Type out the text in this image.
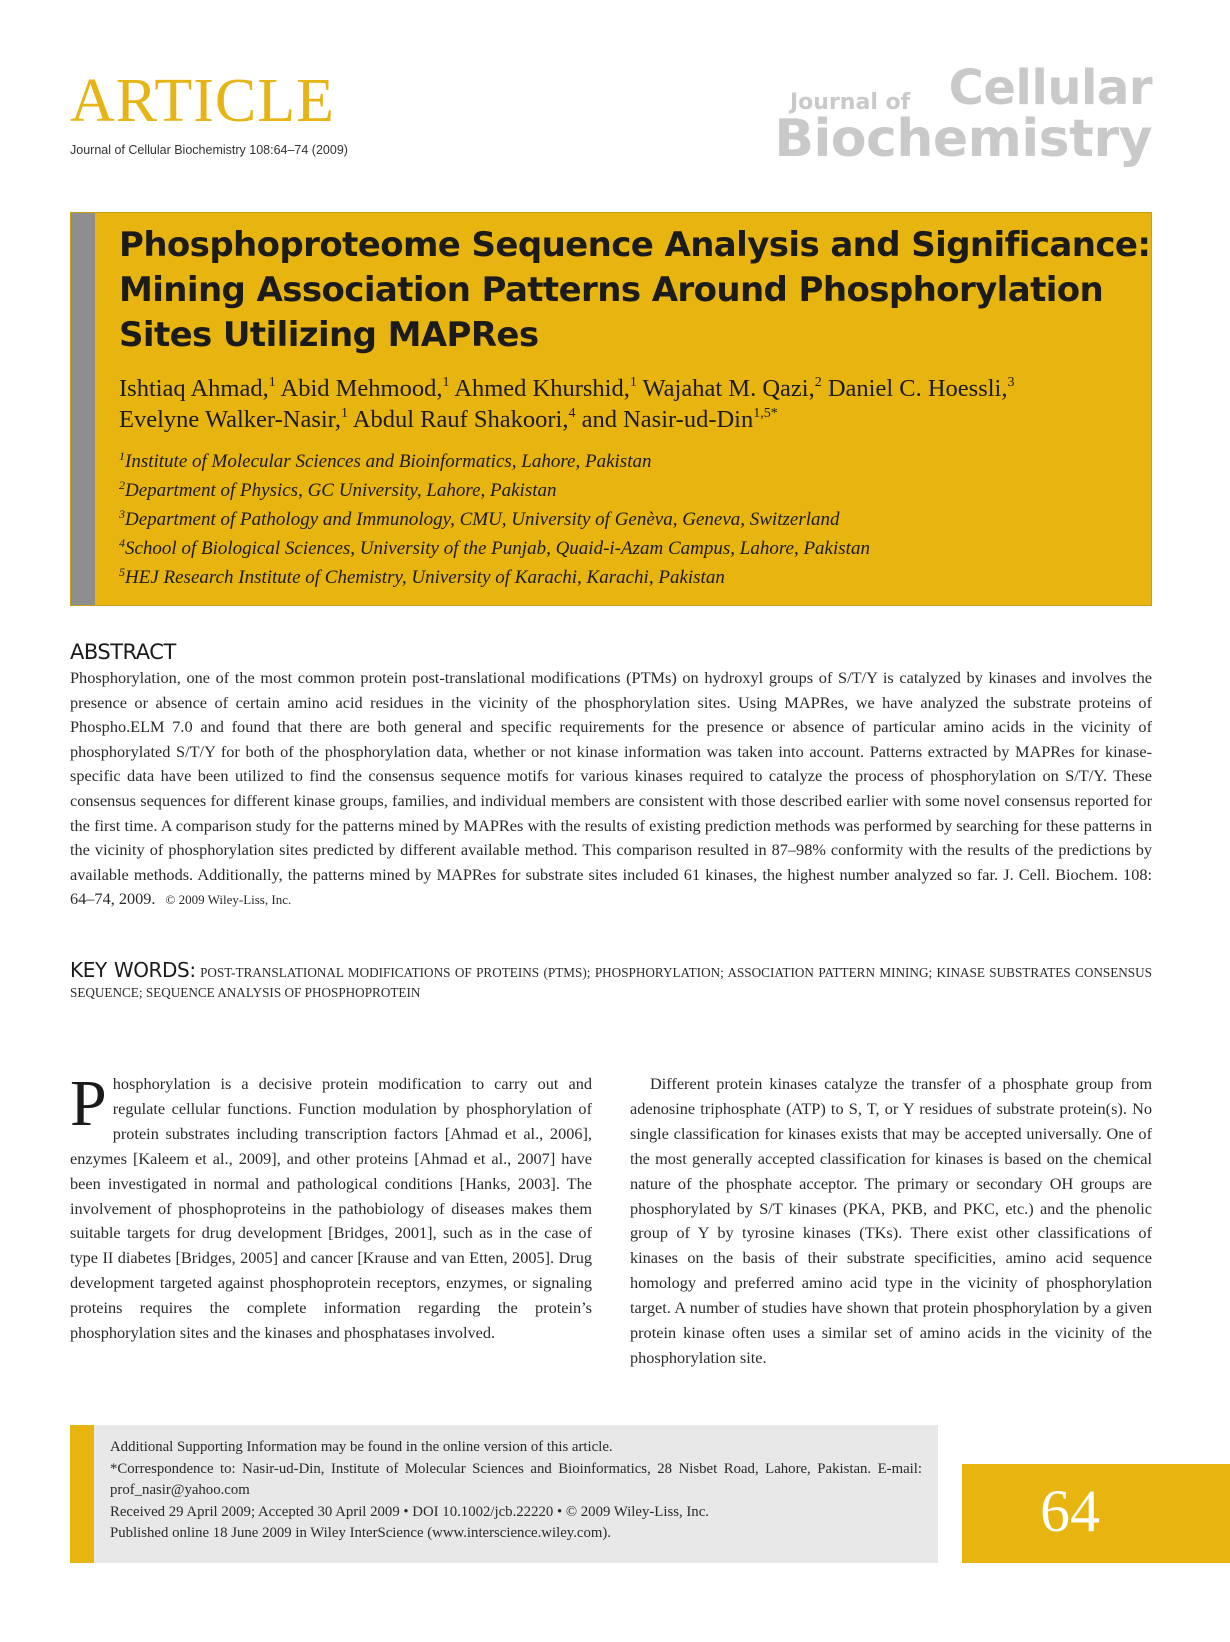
ARTICLE
Journal of Cellular Biochemistry 108:64–74 (2009)
Journal of Cellular
Biochemistry
Phosphoproteome Sequence Analysis and Significance:
Mining Association Patterns Around Phosphorylation
Sites Utilizing MAPRes
Ishtiaq Ahmad,$^1$ Abid Mehmood,$^1$ Ahmed Khurshid,$^1$ Wajahat M. Qazi,$^2$ Daniel C. Hoessli,$^3$
Evelyne Walker-Nasir,$^1$ Abdul Rauf Shakoori,$^4$ and Nasir-ud-Din$^{1,5*}$
$^1$Institute of Molecular Sciences and Bioinformatics, Lahore, Pakistan
$^2$Department of Physics, GC University, Lahore, Pakistan
$^3$Department of Pathology and Immunology, CMU, University of Genèva, Geneva, Switzerland
$^4$School of Biological Sciences, University of the Punjab, Quaid-i-Azam Campus, Lahore, Pakistan
$^5$HEJ Research Institute of Chemistry, University of Karachi, Karachi, Pakistan
ABSTRACT

Phosphorylation, one of the most common protein post-translational modifications (PTMs) on hydroxyl groups of S/T/Y is catalyzed by kinases and involves the presence or absence of certain amino acid residues in the vicinity of the phosphorylation sites. Using MAPRes, we have analyzed the substrate proteins of Phospho.ELM 7.0 and found that there are both general and specific requirements for the presence or absence of particular amino acids in the vicinity of phosphorylated S/T/Y for both of the phosphorylation data, whether or not kinase information was taken into account. Patterns extracted by MAPRes for kinase-specific data have been utilized to find the consensus sequence motifs for various kinases required to catalyze the process of phosphorylation on S/T/Y. These consensus sequences for different kinase groups, families, and individual members are consistent with those described earlier with some novel consensus reported for the first time. A comparison study for the patterns mined by MAPRes with the results of existing prediction methods was performed by searching for these patterns in the vicinity of phosphorylation sites predicted by different available method. This comparison resulted in 87–98% conformity with the results of the predictions by available methods. Additionally, the patterns mined by MAPRes for substrate sites included 61 kinases, the highest number analyzed so far. J. Cell. Biochem. 108: 64–74, 2009. © 2009 Wiley-Liss, Inc.

KEY WORDS: POST-TRANSLATIONAL MODIFICATIONS OF PROTEINS (PTMS); PHOSPHORYLATION; ASSOCIATION PATTERN MINING; KINASE SUBSTRATES CONSENSUS SEQUENCE; SEQUENCE ANALYSIS OF PHOSPHOPROTEIN

Phosphorylation is a decisive protein modification to carry out and regulate cellular functions. Function modulation by phosphorylation of protein substrates including transcription factors [Ahmad et al., 2006], enzymes [Kaleem et al., 2009], and other proteins [Ahmad et al., 2007] have been investigated in normal and pathological conditions [Hanks, 2003]. The involvement of phosphoproteins in the pathobiology of diseases makes them suitable targets for drug development [Bridges, 2001], such as in the case of type II diabetes [Bridges, 2005] and cancer [Krause and van Etten, 2005]. Drug development targeted against phosphoprotein receptors, enzymes, or signaling proteins requires the complete information regarding the protein’s phosphorylation sites and the kinases and phosphatases involved.

Different protein kinases catalyze the transfer of a phosphate group from adenosine triphosphate (ATP) to S, T, or Y residues of substrate protein(s). No single classification for kinases exists that may be accepted universally. One of the most generally accepted classification for kinases is based on the chemical nature of the phosphate acceptor. The primary or secondary OH groups are phosphorylated by S/T kinases (PKA, PKB, and PKC, etc.) and the phenolic group of Y by tyrosine kinases (TKs). There exist other classifications of kinases on the basis of their substrate specificities, amino acid sequence homology and preferred amino acid type in the vicinity of phosphorylation target. A number of studies have shown that protein phosphorylation by a given protein kinase often uses a similar set of amino acids in the vicinity of the phosphorylation site.

Additional Supporting Information may be found in the online version of this article.
*Correspondence to: Nasir-ud-Din, Institute of Molecular Sciences and Bioinformatics, 28 Nisbet Road, Lahore, Pakistan. E-mail: prof_nasir@yahoo.com
Received 29 April 2009; Accepted 30 April 2009 • DOI 10.1002/jcb.22220 • © 2009 Wiley-Liss, Inc.
Published online 18 June 2009 in Wiley InterScience (www.interscience.wiley.com).	64
